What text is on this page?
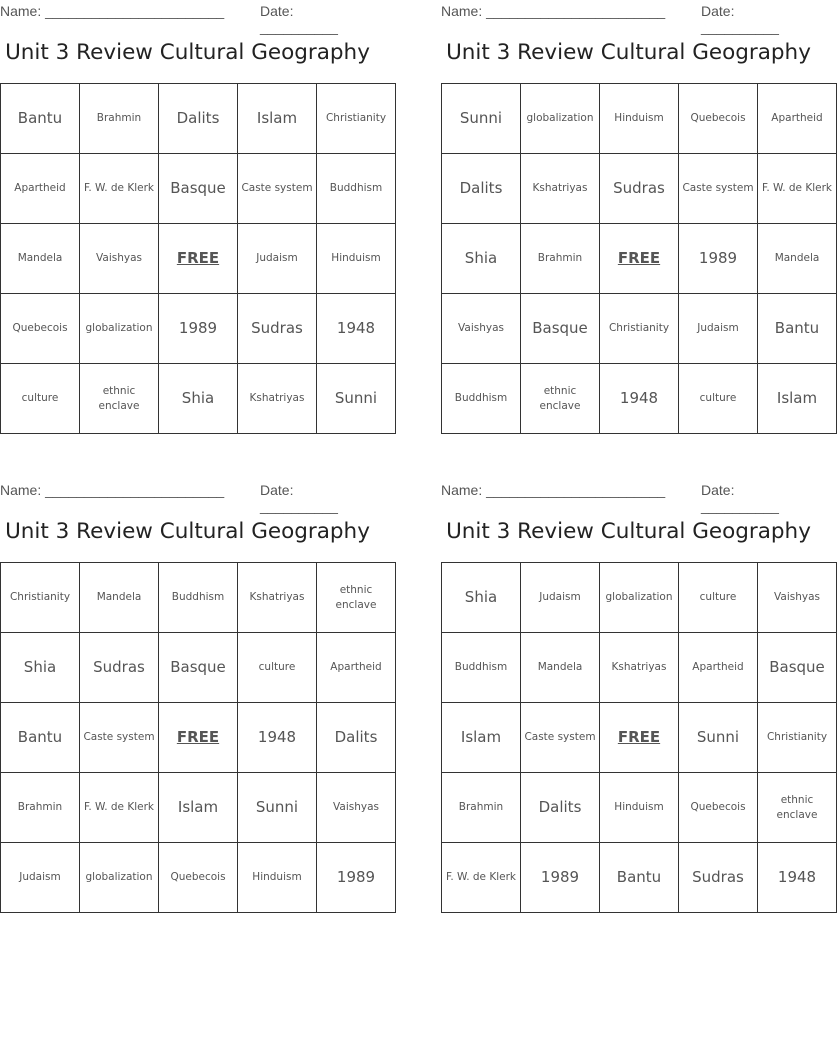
Name: _______________________	Date: __________
Unit 3 Review Cultural Geography
Bantu	Brahmin	Dalits	Islam	Christianity
Apartheid	F. W. de Klerk	Basque	Caste system	Buddhism
Mandela	Vaishyas	FREE	Judaism	Hinduism
Quebecois	globalization	1989	Sudras	1948
culture	ethnic enclave	Shia	Kshatriyas	Sunni
Name: _______________________	Date: __________
Unit 3 Review Cultural Geography
Sunni	globalization	Hinduism	Quebecois	Apartheid
Dalits	Kshatriyas	Sudras	Caste system	F. W. de Klerk
Shia	Brahmin	FREE	1989	Mandela
Vaishyas	Basque	Christianity	Judaism	Bantu
Buddhism	ethnic enclave	1948	culture	Islam
Name: _______________________	Date: __________
Unit 3 Review Cultural Geography
Christianity	Mandela	Buddhism	Kshatriyas	ethnic enclave
Shia	Sudras	Basque	culture	Apartheid
Bantu	Caste system	FREE	1948	Dalits
Brahmin	F. W. de Klerk	Islam	Sunni	Vaishyas
Judaism	globalization	Quebecois	Hinduism	1989
Name: _______________________	Date: __________
Unit 3 Review Cultural Geography
Shia	Judaism	globalization	culture	Vaishyas
Buddhism	Mandela	Kshatriyas	Apartheid	Basque
Islam	Caste system	FREE	Sunni	Christianity
Brahmin	Dalits	Hinduism	Quebecois	ethnic enclave
F. W. de Klerk	1989	Bantu	Sudras	1948
